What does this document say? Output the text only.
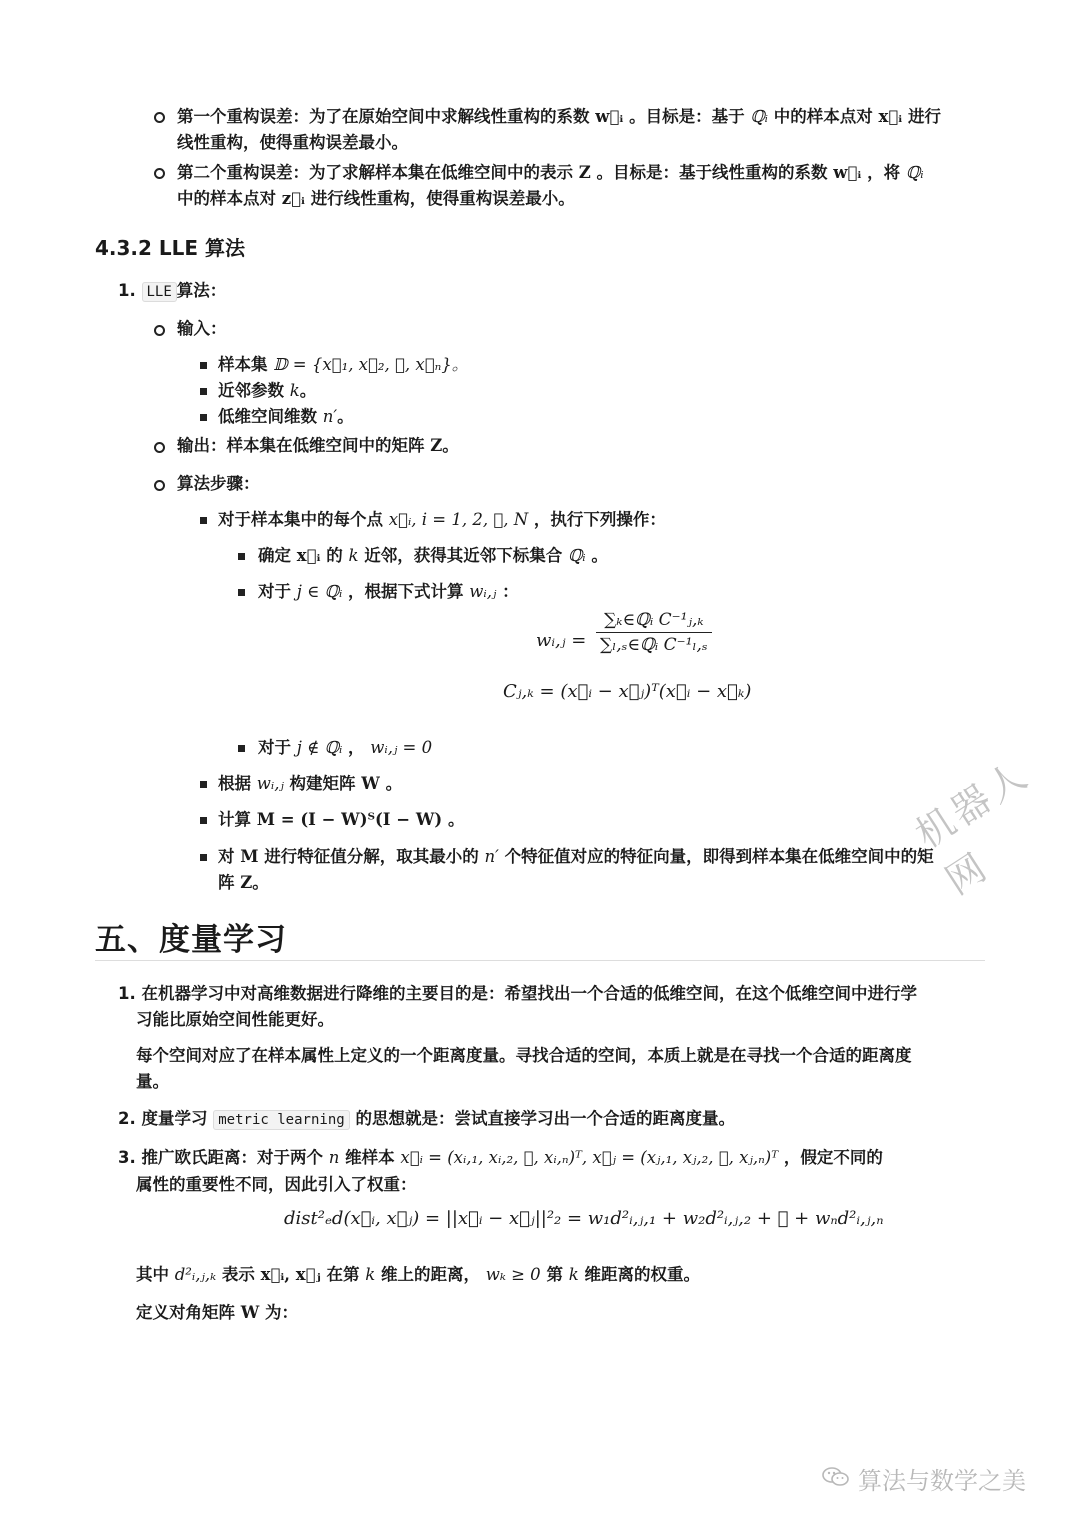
第一个重构误差：为了在原始空间中求解线性重构的系数 w⃗ᵢ 。目标是：基于 ℚᵢ 中的样本点对 x⃗ᵢ 进行
线性重构，使得重构误差最小。
第二个重构误差：为了求解样本集在低维空间中的表示 Z 。目标是：基于线性重构的系数 w⃗ᵢ ，将 ℚᵢ
中的样本点对 z⃗ᵢ 进行线性重构，使得重构误差最小。
4.3.2 LLE 算法
1. LLE 算法：
输入：
样本集 𝔻 = {x⃗₁, x⃗₂, ⋯, x⃗ₙ}。
近邻参数 k。
低维空间维数 n′。
输出：样本集在低维空间中的矩阵 Z。
算法步骤：
对于样本集中的每个点 x⃗ᵢ, i = 1, 2, ⋯, N ，执行下列操作：
确定 x⃗ᵢ 的 k 近邻，获得其近邻下标集合 ℚᵢ 。
对于 j ∈ ℚᵢ ，根据下式计算 wᵢ,ⱼ ：
wᵢ,ⱼ =
∑ₖ∈ℚᵢ C⁻¹ⱼ,ₖ
∑ₗ,ₛ∈ℚᵢ C⁻¹ₗ,ₛ
Cⱼ,ₖ = (x⃗ᵢ − x⃗ⱼ)ᵀ(x⃗ᵢ − x⃗ₖ)
对于 j ∉ ℚᵢ ， wᵢ,ⱼ = 0
根据 wᵢ,ⱼ 构建矩阵 W 。
计算 M = (I − W)ᵀ(I − W) 。
对 M 进行特征值分解，取其最小的 n′ 个特征值对应的特征向量，即得到样本集在低维空间中的矩
阵 Z。
五、度量学习
1. 在机器学习中对高维数据进行降维的主要目的是：希望找出一个合适的低维空间，在这个低维空间中进行学
习能比原始空间性能更好。
每个空间对应了在样本属性上定义的一个距离度量。寻找合适的空间，本质上就是在寻找一个合适的距离度
量。
2. 度量学习 metric learning 的思想就是：尝试直接学习出一个合适的距离度量。
3. 推广欧氏距离：对于两个 n 维样本 x⃗ᵢ = (xᵢ,₁, xᵢ,₂, ⋯, xᵢ,ₙ)ᵀ, x⃗ⱼ = (xⱼ,₁, xⱼ,₂, ⋯, xⱼ,ₙ)ᵀ ，假定不同的
属性的重要性不同，因此引入了权重：
dist²ₑd(x⃗ᵢ, x⃗ⱼ) = ||x⃗ᵢ − x⃗ⱼ||²₂ = w₁d²ᵢ,ⱼ,₁ + w₂d²ᵢ,ⱼ,₂ + ⋯ + wₙd²ᵢ,ⱼ,ₙ
其中 d²ᵢ,ⱼ,ₖ 表示 x⃗ᵢ, x⃗ⱼ 在第 k 维上的距离， wₖ ≥ 0 第 k 维距离的权重。
定义对角矩阵 W 为：
机器人网
算法与数学之美
